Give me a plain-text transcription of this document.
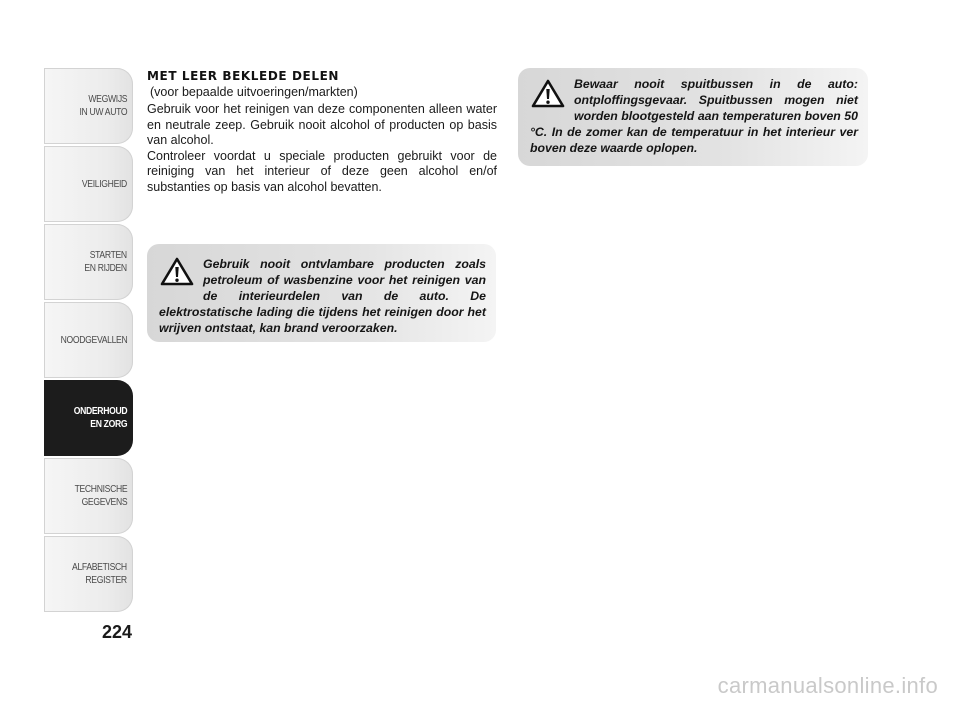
WEGWIJS
IN UW AUTO
VEILIGHEID
STARTEN
EN RIJDEN
NOODGEVALLEN
ONDERHOUD
EN ZORG
TECHNISCHE
GEGEVENS
ALFABETISCH
REGISTER
224

MET LEER BEKLEDE DELEN

(voor bepaalde uitvoeringen/markten)

Gebruik voor het reinigen van deze componenten alleen water en neutrale zeep. Gebruik nooit alcohol of producten op basis van alcohol.

Controleer voordat u speciale producten gebruikt voor de reiniging van het interieur of deze geen alcohol en/of substanties op basis van alcohol bevatten.

Gebruik nooit ontvlambare producten zoals petroleum of wasbenzine voor het reinigen van de interieurdelen van de auto. De elektrostatische lading die tijdens het reinigen door het wrijven ontstaat, kan brand veroorzaken.

Bewaar nooit spuitbussen in de auto: ontploffingsgevaar. Spuitbussen mogen niet worden blootgesteld aan temperaturen boven 50 °C. In de zomer kan de temperatuur in het interieur ver boven deze waarde oplopen.

carmanualsonline.info
